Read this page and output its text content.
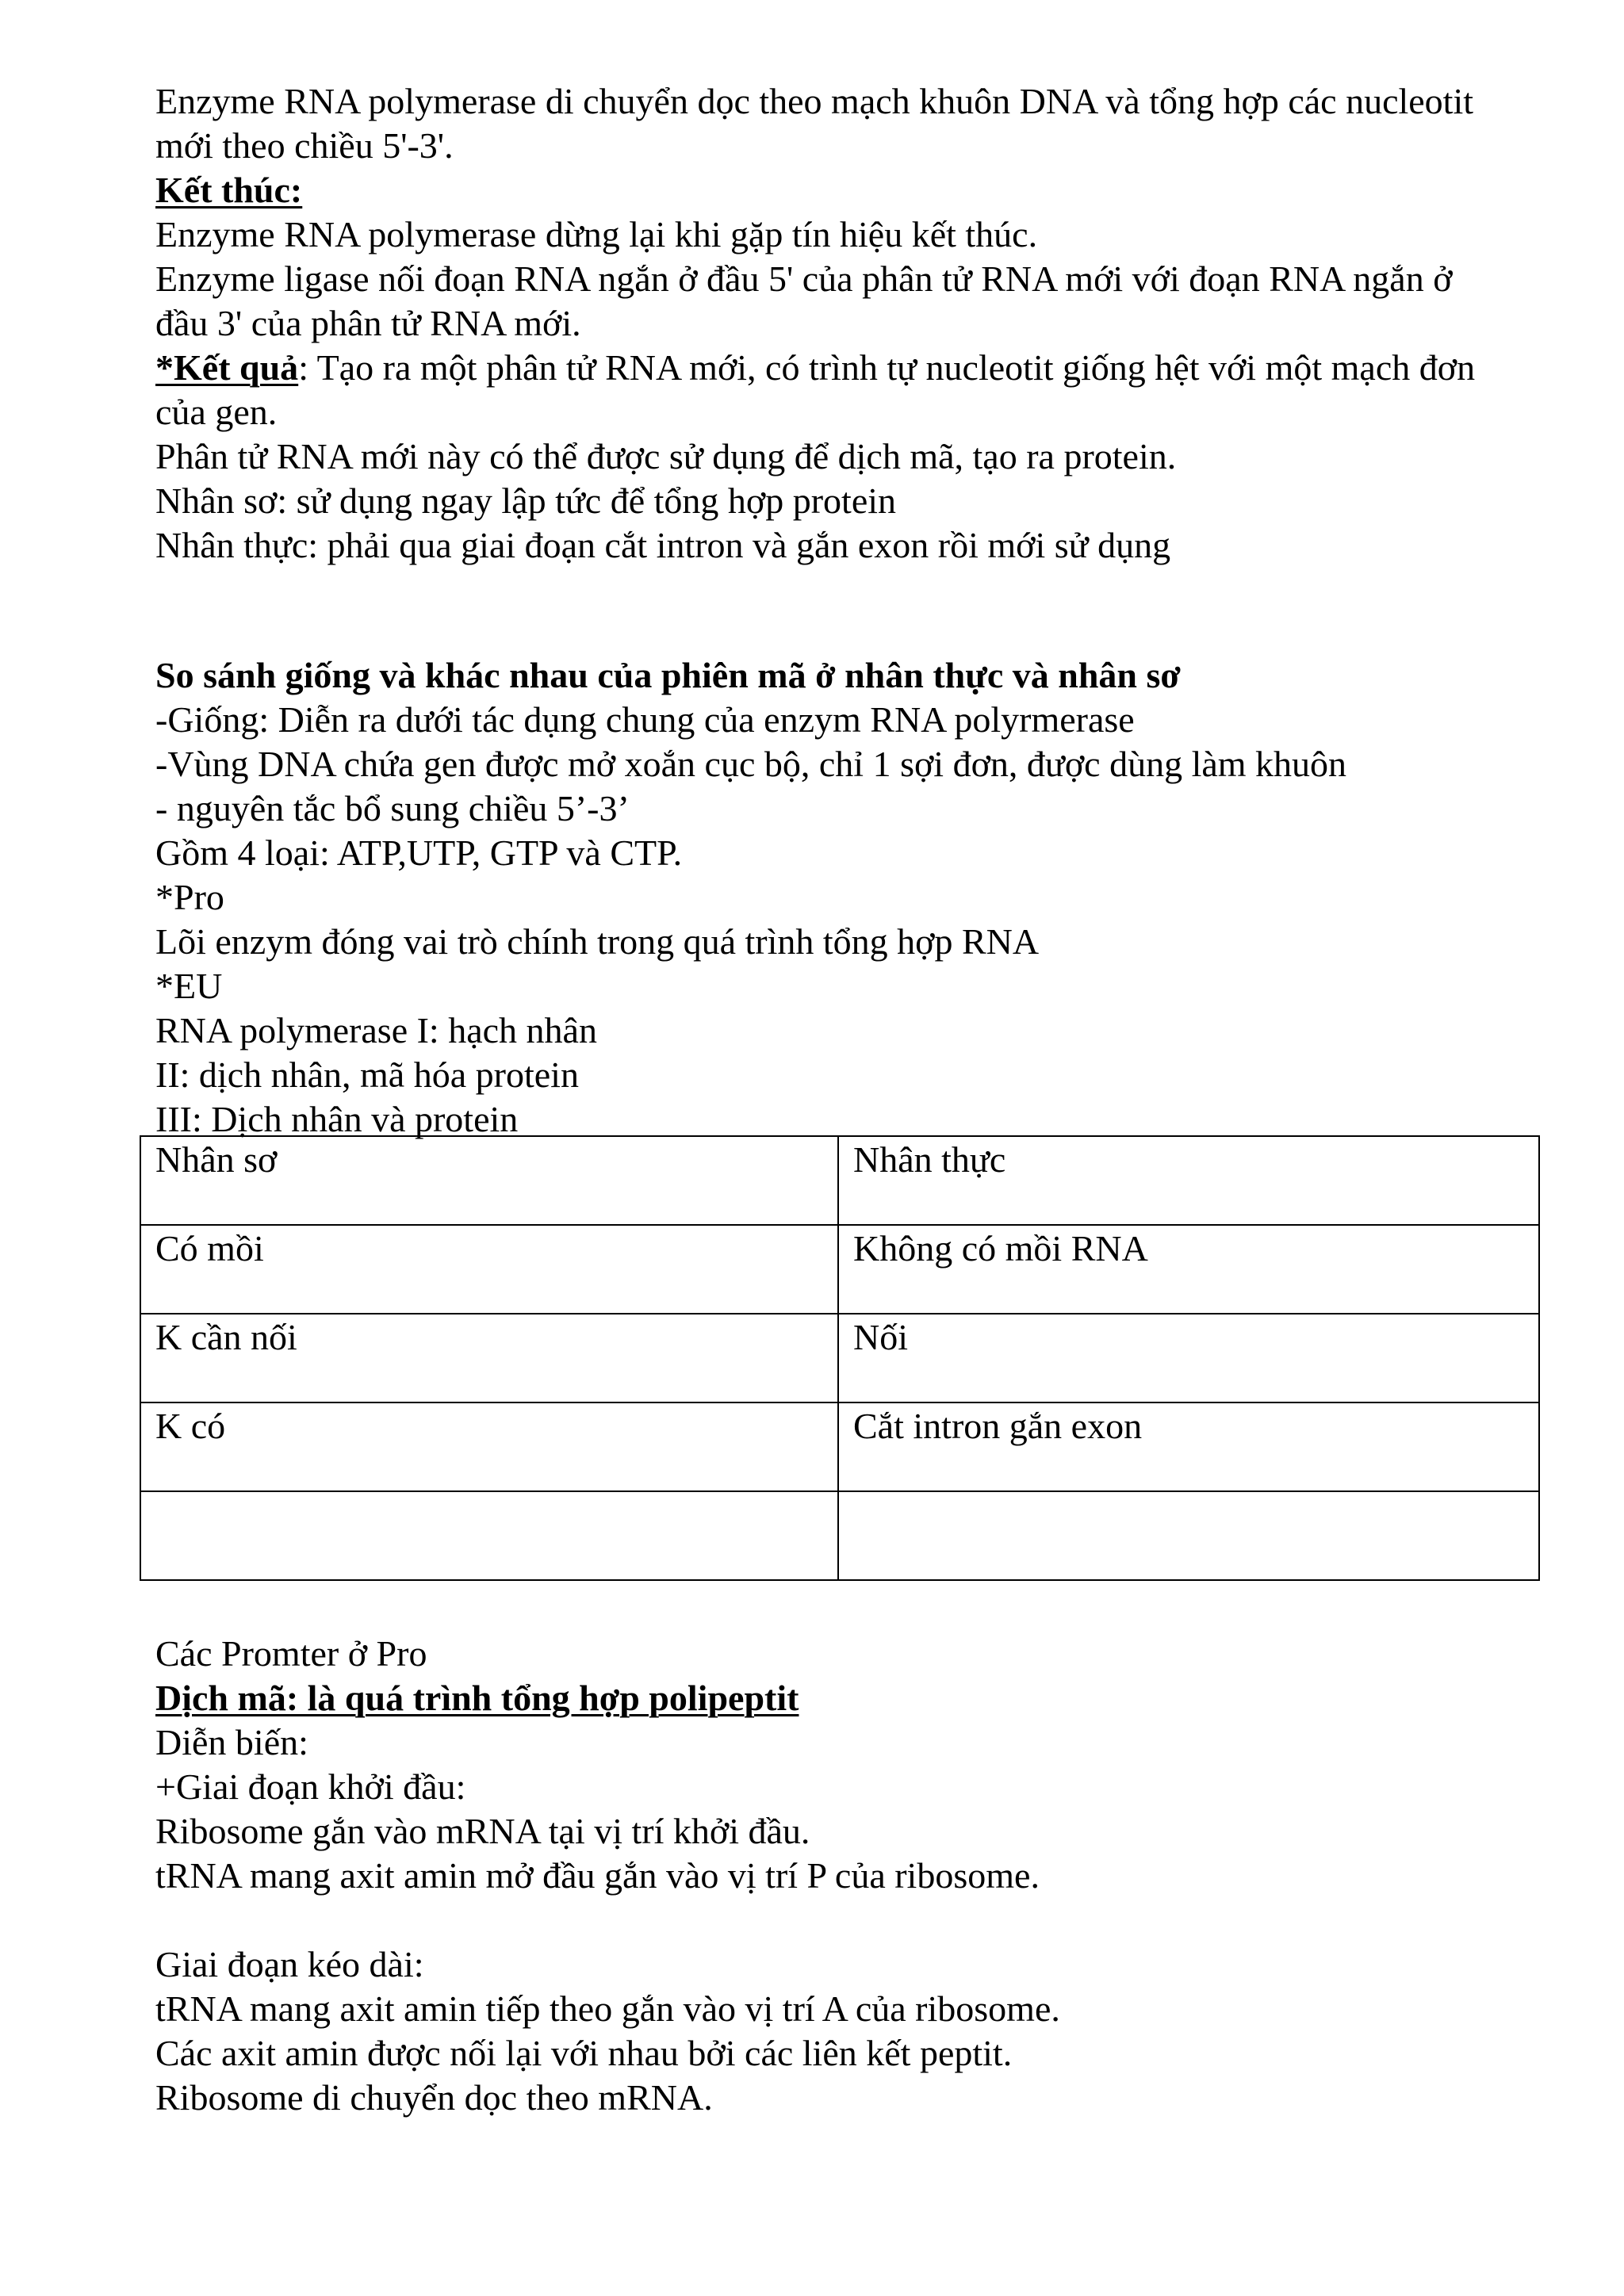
Enzyme RNA polymerase di chuyển dọc theo mạch khuôn DNA và tổng hợp các nucleotit
mới theo chiều 5'-3'.
Kết thúc:
Enzyme RNA polymerase dừng lại khi gặp tín hiệu kết thúc.
Enzyme ligase nối đoạn RNA ngắn ở đầu 5' của phân tử RNA mới với đoạn RNA ngắn ở
đầu 3' của phân tử RNA mới.
*Kết quả: Tạo ra một phân tử RNA mới, có trình tự nucleotit giống hệt với một mạch đơn
của gen.
Phân tử RNA mới này có thể được sử dụng để dịch mã, tạo ra protein.
Nhân sơ: sử dụng ngay lập tức để tổng hợp protein
Nhân thực: phải qua giai đoạn cắt intron và gắn exon rồi mới sử dụng
So sánh giống và khác nhau của phiên mã ở nhân thực và nhân sơ
-Giống: Diễn ra dưới tác dụng chung của enzym RNA polyrmerase
-Vùng DNA chứa gen được mở xoắn cục bộ, chỉ 1 sợi đơn, được dùng làm khuôn
- nguyên tắc bổ sung chiều 5’-3’
Gồm 4 loại: ATP,UTP, GTP và CTP.
*Pro
Lõi enzym đóng vai trò chính trong quá trình tổng hợp RNA
*EU
RNA polymerase I: hạch nhân
II: dịch nhân, mã hóa protein
III: Dịch nhân và protein
Nhân sơ	Nhân thực
Có mồi	Không có mồi RNA
K cần nối	Nối
K có	Cắt intron gắn exon

Các Promter ở Pro
Dịch mã: là quá trình tổng hợp polipeptit
Diễn biến:
+Giai đoạn khởi đầu:
Ribosome gắn vào mRNA tại vị trí khởi đầu.
tRNA mang axit amin mở đầu gắn vào vị trí P của ribosome.
Giai đoạn kéo dài:
tRNA mang axit amin tiếp theo gắn vào vị trí A của ribosome.
Các axit amin được nối lại với nhau bởi các liên kết peptit.
Ribosome di chuyển dọc theo mRNA.
